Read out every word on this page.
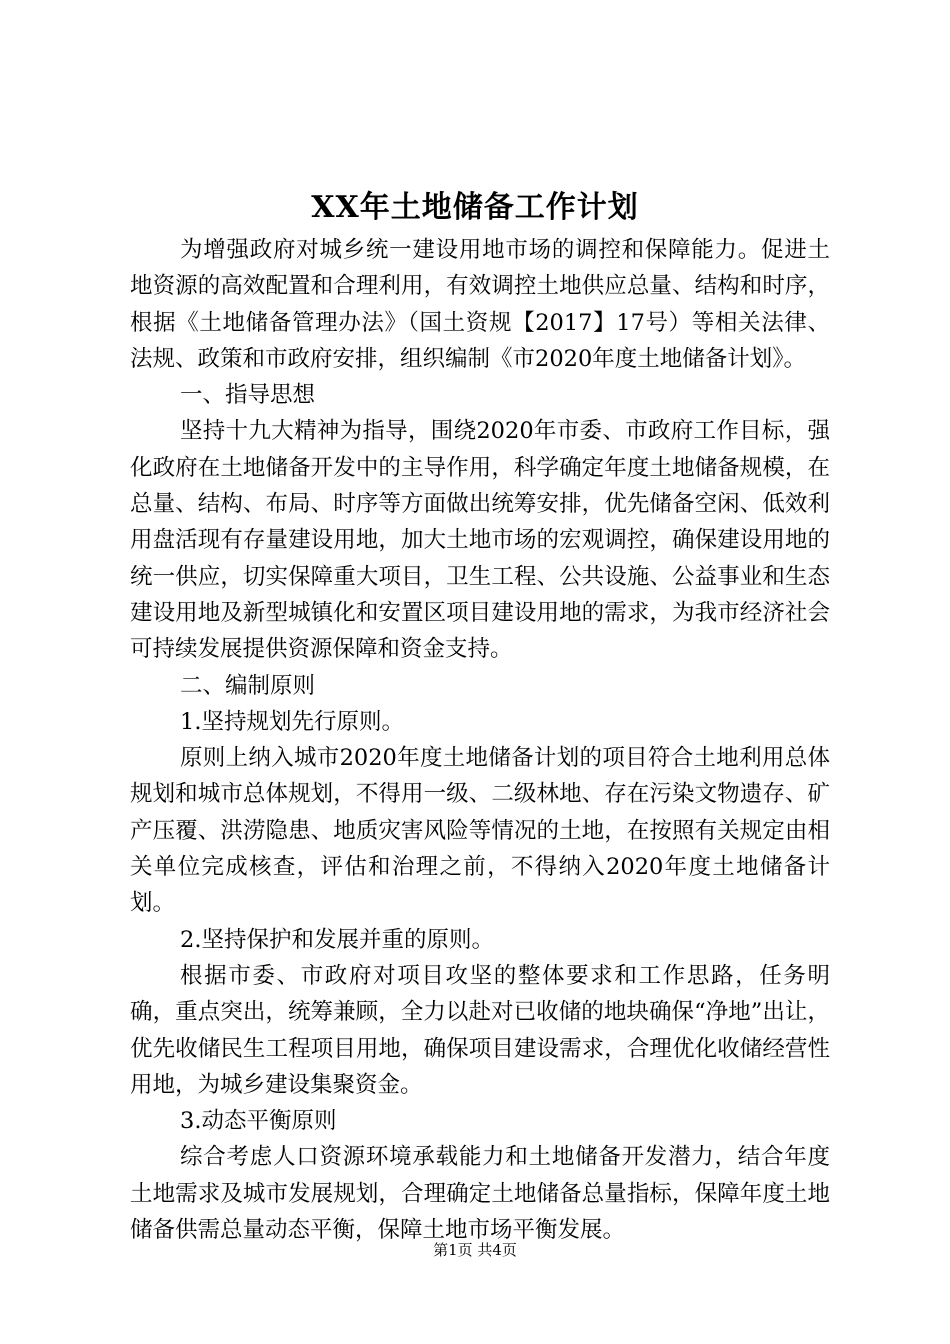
XX年土地储备工作计划

为增强政府对城乡统一建设用地市场的调控和保障能力。促进土地资源的高效配置和合理利用，有效调控土地供应总量、结构和时序，根据《土地储备管理办法》（国土资规【2017】17号）等相关法律、法规、政策和市政府安排，组织编制《市2020年度土地储备计划》。

一、指导思想

坚持十九大精神为指导，围绕2020年市委、市政府工作目标，强化政府在土地储备开发中的主导作用，科学确定年度土地储备规模，在总量、结构、布局、时序等方面做出统筹安排，优先储备空闲、低效利用盘活现有存量建设用地，加大土地市场的宏观调控，确保建设用地的统一供应，切实保障重大项目，卫生工程、公共设施、公益事业和生态建设用地及新型城镇化和安置区项目建设用地的需求，为我市经济社会可持续发展提供资源保障和资金支持。

二、编制原则

1.坚持规划先行原则。

原则上纳入城市2020年度土地储备计划的项目符合土地利用总体规划和城市总体规划，不得用一级、二级林地、存在污染文物遗存、矿产压覆、洪涝隐患、地质灾害风险等情况的土地，在按照有关规定由相关单位完成核查，评估和治理之前，不得纳入2020年度土地储备计划。

2.坚持保护和发展并重的原则。

根据市委、市政府对项目攻坚的整体要求和工作思路，任务明确，重点突出，统筹兼顾，全力以赴对已收储的地块确保“净地”出让，优先收储民生工程项目用地，确保项目建设需求，合理优化收储经营性用地，为城乡建设集聚资金。

3.动态平衡原则

综合考虑人口资源环境承载能力和土地储备开发潜力，结合年度土地需求及城市发展规划，合理确定土地储备总量指标，保障年度土地储备供需总量动态平衡，保障土地市场平衡发展。

第1页 共4页
